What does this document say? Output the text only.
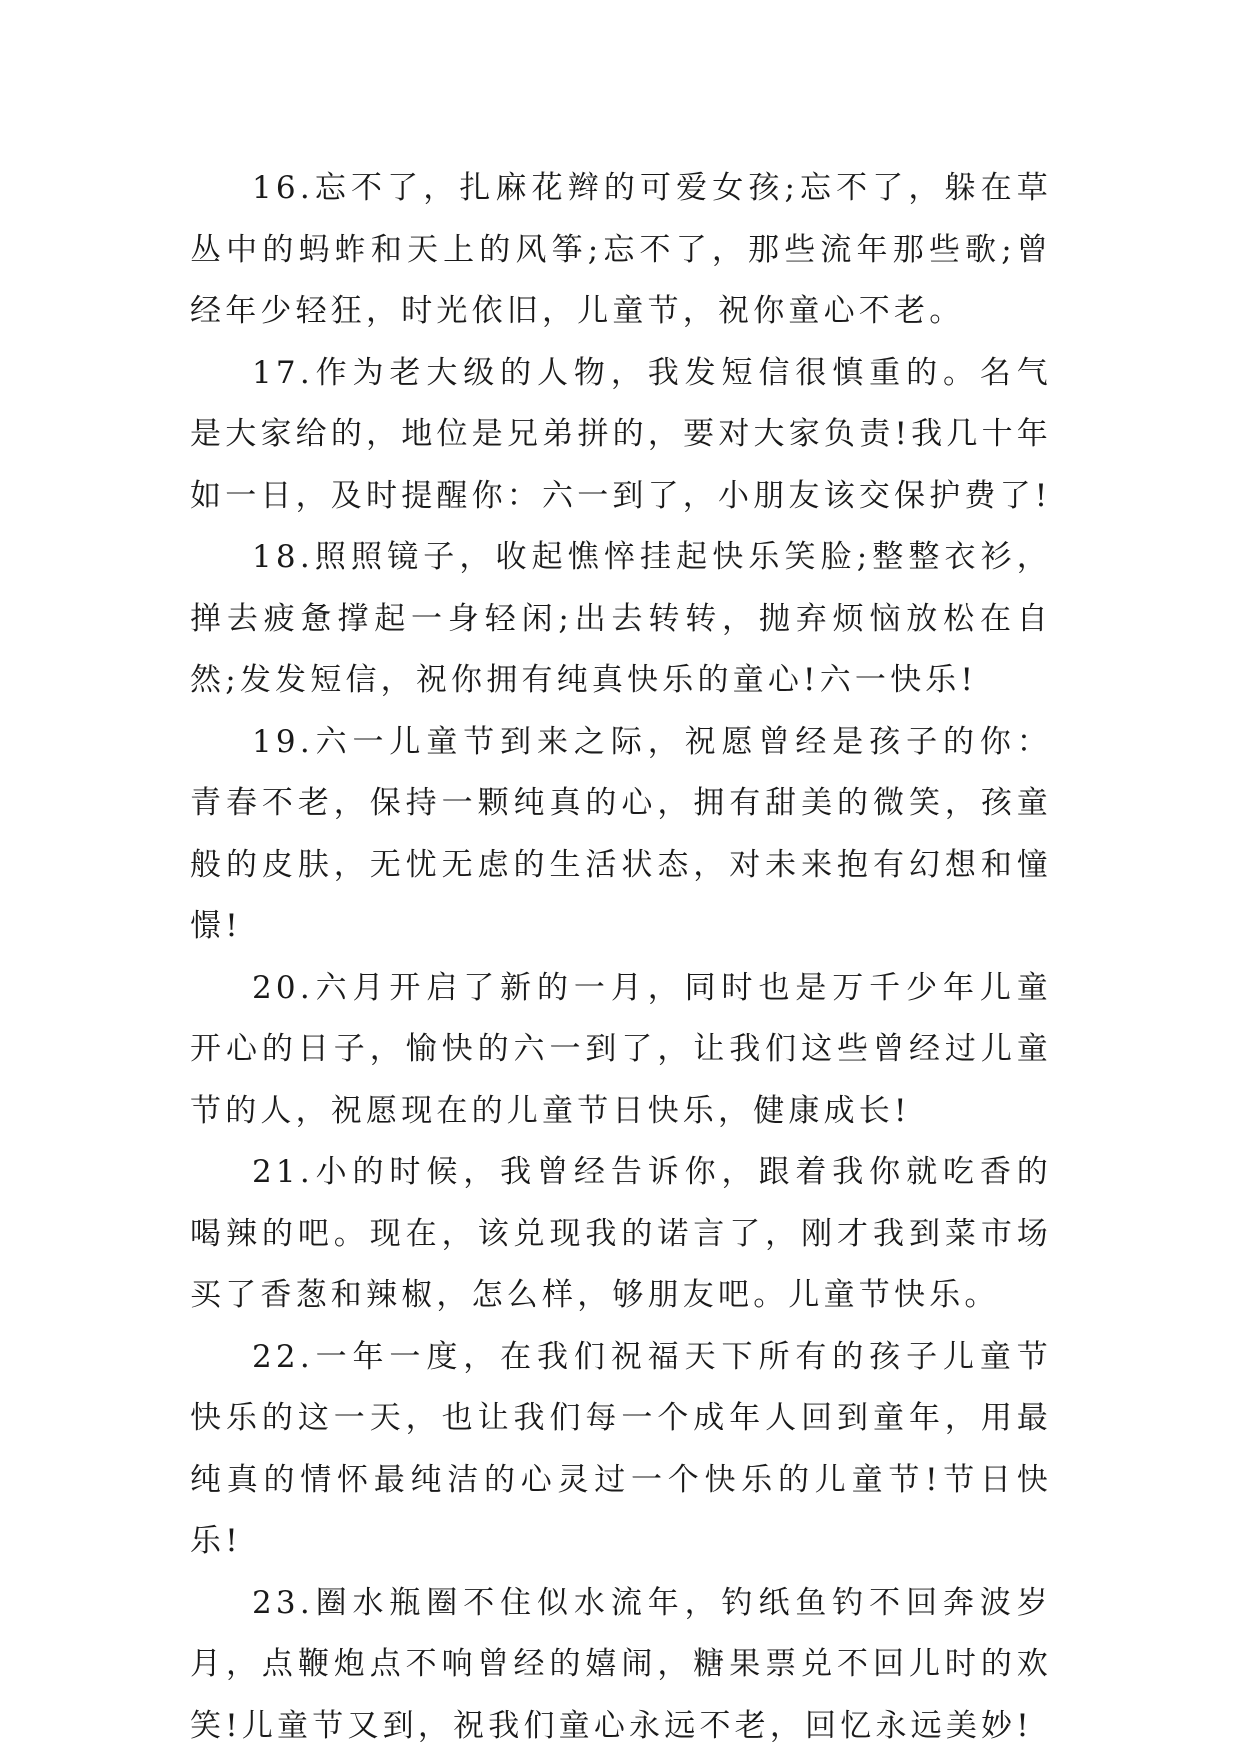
16.忘不了，扎麻花辫的可爱女孩;忘不了，躲在草丛中的蚂蚱和天上的风筝;忘不了，那些流年那些歌;曾经年少轻狂，时光依旧，儿童节，祝你童心不老。

17.作为老大级的人物，我发短信很慎重的。名气是大家给的，地位是兄弟拼的，要对大家负责!我几十年如一日，及时提醒你：六一到了，小朋友该交保护费了!

18.照照镜子，收起憔悴挂起快乐笑脸;整整衣衫，掸去疲惫撑起一身轻闲;出去转转，抛弃烦恼放松在自然;发发短信，祝你拥有纯真快乐的童心!六一快乐!

19.六一儿童节到来之际，祝愿曾经是孩子的你：青春不老，保持一颗纯真的心，拥有甜美的微笑，孩童般的皮肤，无忧无虑的生活状态，对未来抱有幻想和憧憬!

20.六月开启了新的一月，同时也是万千少年儿童开心的日子，愉快的六一到了，让我们这些曾经过儿童节的人，祝愿现在的儿童节日快乐，健康成长!

21.小的时候，我曾经告诉你，跟着我你就吃香的喝辣的吧。现在，该兑现我的诺言了，刚才我到菜市场买了香葱和辣椒，怎么样，够朋友吧。儿童节快乐。

22.一年一度，在我们祝福天下所有的孩子儿童节快乐的这一天，也让我们每一个成年人回到童年，用最纯真的情怀最纯洁的心灵过一个快乐的儿童节!节日快乐!

23.圈水瓶圈不住似水流年，钓纸鱼钓不回奔波岁月，点鞭炮点不响曾经的嬉闹，糖果票兑不回儿时的欢笑!儿童节又到，祝我们童心永远不老，回忆永远美妙!
